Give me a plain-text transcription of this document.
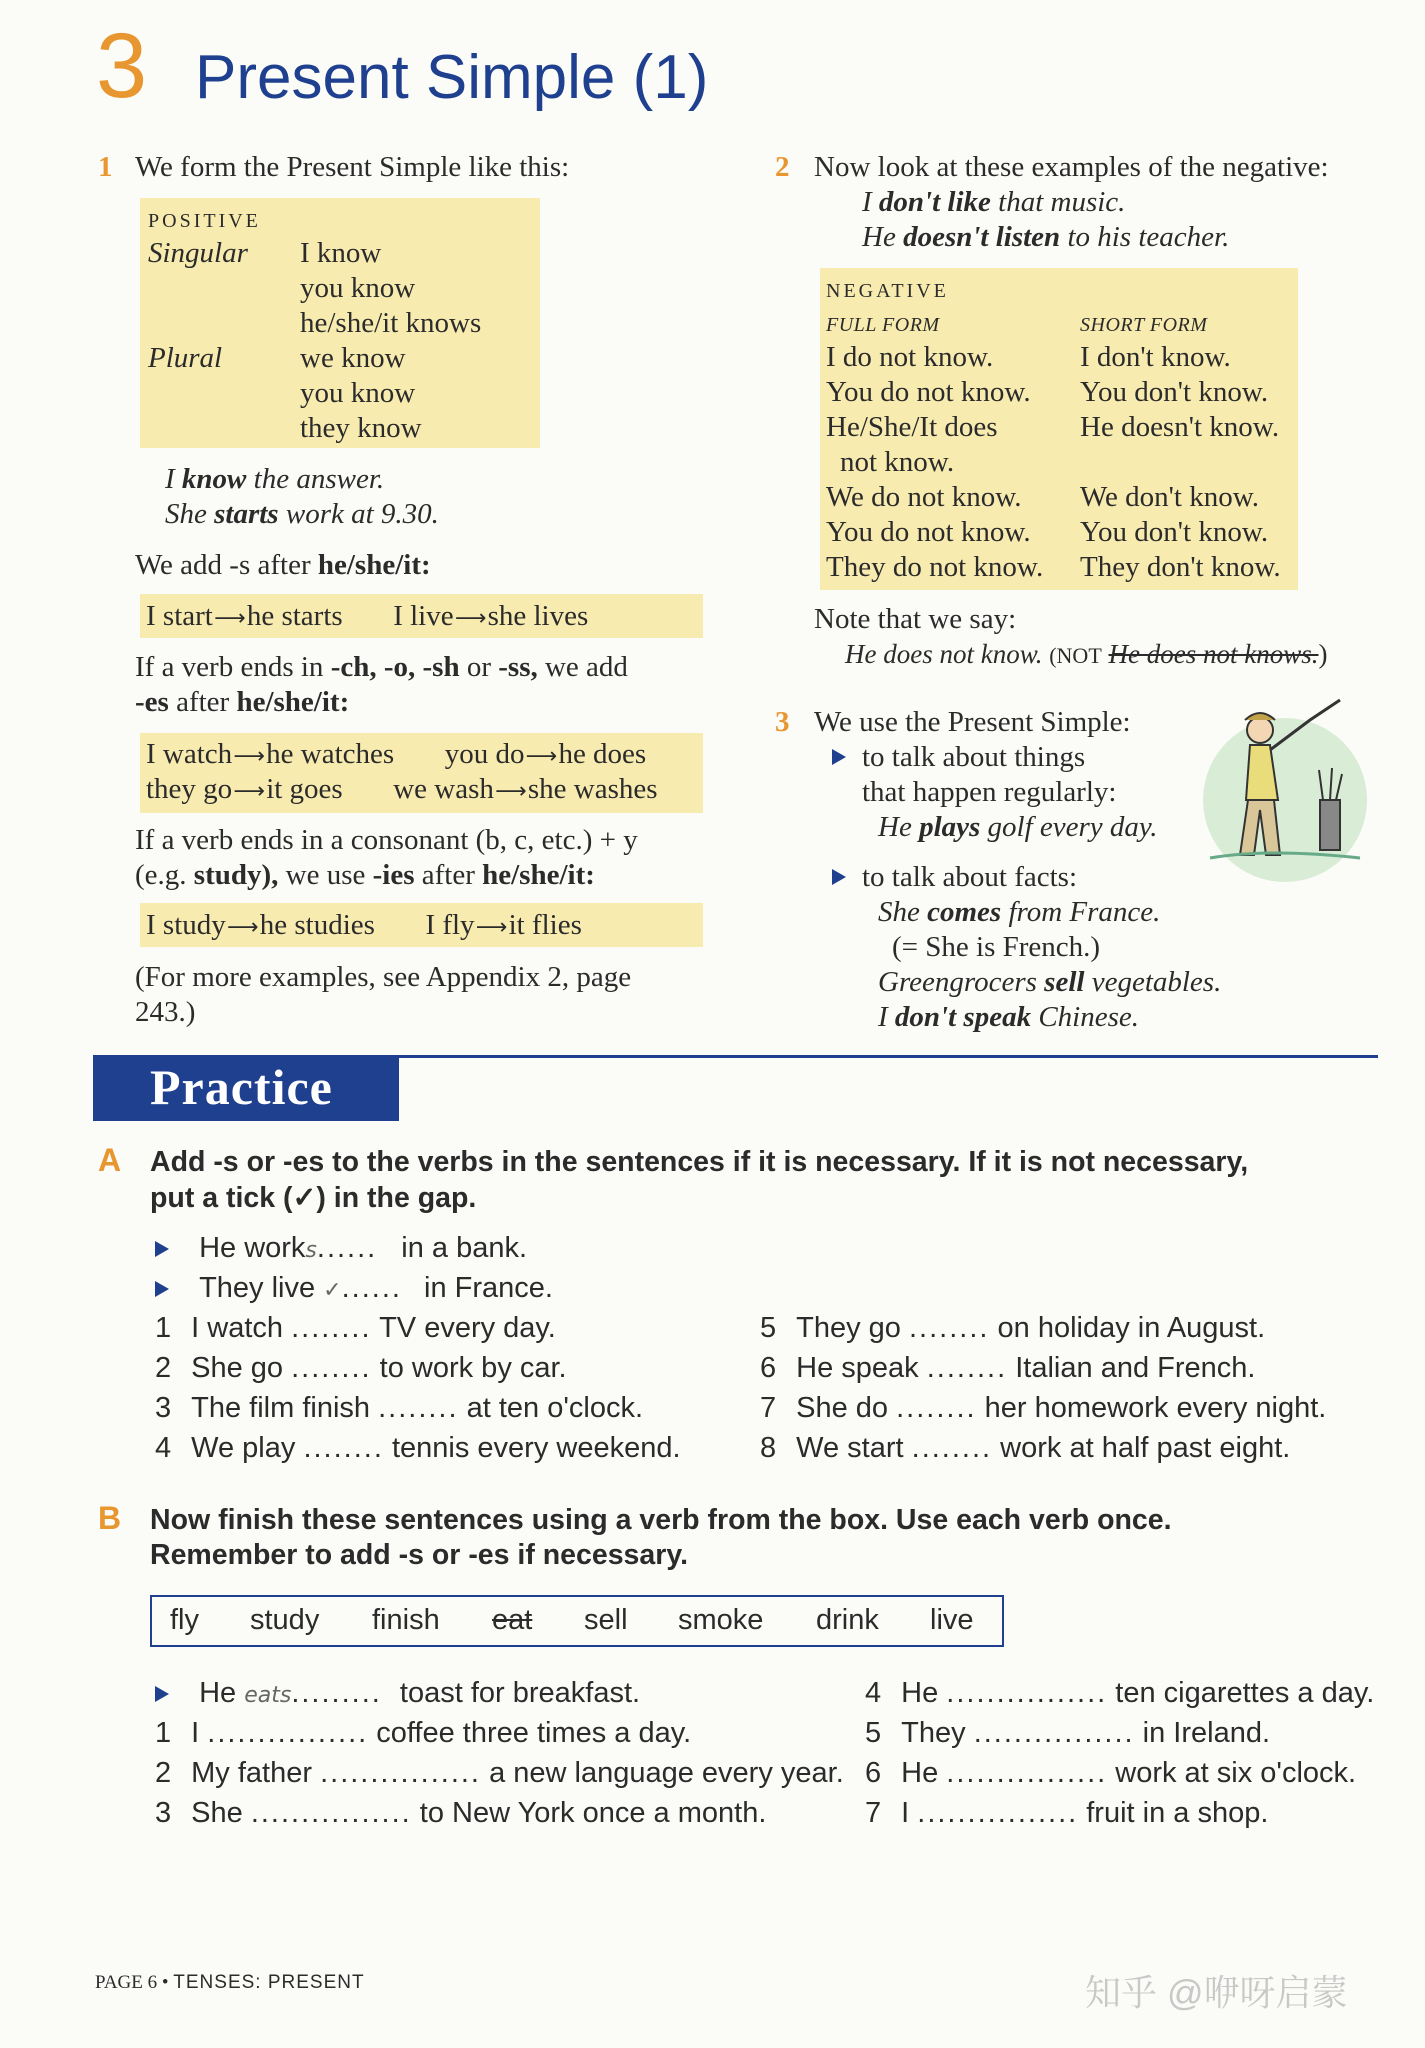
3 Present Simple (1)
1 We form the Present Simple like this:
POSITIVE
Singular I know
you know
he/she/it knows
Plural	we know
you know
they know
I know the answer.
She starts work at 9.30.
We add -s after he/she/it:
I start⟶he starts I live⟶she lives
If a verb ends in -ch, -o, -sh or -ss, we add
-es after he/she/it:
I watch⟶he watches you do⟶he does
they go⟶it goes we wash⟶she washes
If a verb ends in a consonant (b, c, etc.) + y
(e.g. study), we use -ies after he/she/it:
I study⟶he studies I fly⟶it flies
(For more examples, see Appendix 2, page
243.)
2 Now look at these examples of the negative:
I don't like that music.
He doesn't listen to his teacher.
NEGATIVE
FULL FORM	SHORT FORM
I do not know.	I don't know.
You do not know. You don't know.
He/She/It does	He doesn't know.
not know.
We do not know. We don't know.
You do not know. You don't know.
They do not know. They don't know.
Note that we say:
He does not know. (NOT He does not knows.)
3 We use the Present Simple:
to talk about things
that happen regularly:
He plays golf every day.
to talk about facts:
She comes from France.
(= She is French.)
Greengrocers sell vegetables.
I don't speak Chinese.
Practice
A Add -s or -es to the verbs in the sentences if it is necessary. If it is not necessary,
put a tick (✓) in the gap.
He works...... in a bank.
They live ✓...... in France.
1 I watch ........ TV every day.
2 She go ........ to work by car.
3 The film finish ........ at ten o'clock.
4 We play ........ tennis every weekend.
5 They go ........ on holiday in August.
6 He speak ........ Italian and French.
7 She do ........ her homework every night.
8 We start ........ work at half past eight.
B Now finish these sentences using a verb from the box. Use each verb once.
Remember to add -s or -es if necessary.
fly study finish eat sell smoke drink live
He eats......... toast for breakfast.
1 I ................ coffee three times a day.
2 My father ................ a new language every year.
3 She ................ to New York once a month.
4 He ................ ten cigarettes a day.
5 They ................ in Ireland.
6 He ................ work at six o'clock.
7 I ................ fruit in a shop.
PAGE 6 • TENSES: PRESENT	知乎 @咿呀启蒙
